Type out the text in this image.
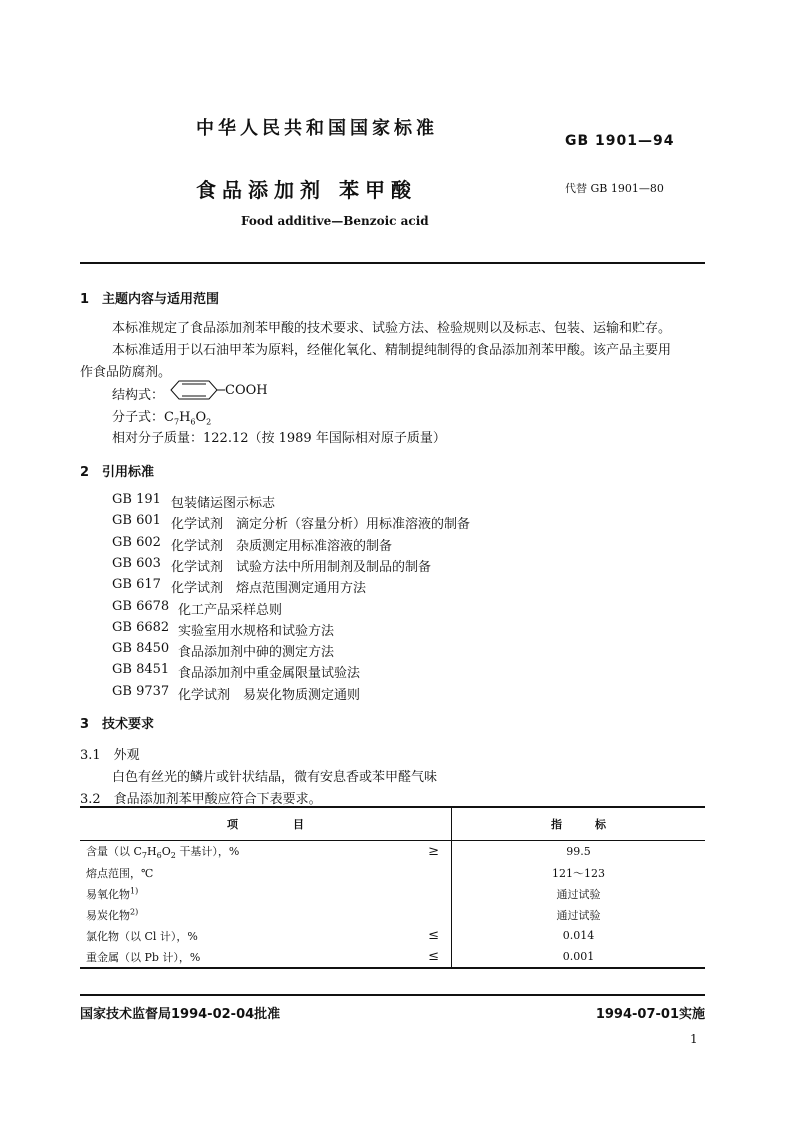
中华人民共和国国家标准
GB 1901—94
食品添加剂 苯甲酸	代替 GB 1901—80
Food additive—Benzoic acid
1　主题内容与适用范围
本标准规定了食品添加剂苯甲酸的技术要求、试验方法、检验规则以及标志、包装、运输和贮存。
本标准适用于以石油甲苯为原料，经催化氧化、精制提纯制得的食品添加剂苯甲酸。该产品主要用
作食品防腐剂。
结构式：	COOH
分子式：$C_7H_6O_2$
相对分子质量：122.12（按 1989 年国际相对原子质量）
2　引用标准
GB 191 包装储运图示标志
GB 601 化学试剂　滴定分析（容量分析）用标准溶液的制备
GB 602 化学试剂　杂质测定用标准溶液的制备
GB 603 化学试剂　试验方法中所用制剂及制品的制备
GB 617 化学试剂　熔点范围测定通用方法
GB 6678 化工产品采样总则
GB 6682 实验室用水规格和试验方法
GB 8450 食品添加剂中砷的测定方法
GB 8451 食品添加剂中重金属限量试验法
GB 9737 化学试剂　易炭化物质测定通则
3　技术要求
3.1　外观
白色有丝光的鳞片或针状结晶，微有安息香或苯甲醛气味
3.2　食品添加剂苯甲酸应符合下表要求。
项　　　　　目		指　　　标
含量（以 $C_7H_6O_2$ 干基计），%	≥	99.5
熔点范围，℃		121～123
易氧化物$^{1)}$		通过试验
易炭化物$^{2)}$		通过试验
氯化物（以 Cl 计），%	≤	0.014
重金属（以 Pb 计），%	≤	0.001
国家技术监督局1994-02-04批准	1994-07-01实施
1
